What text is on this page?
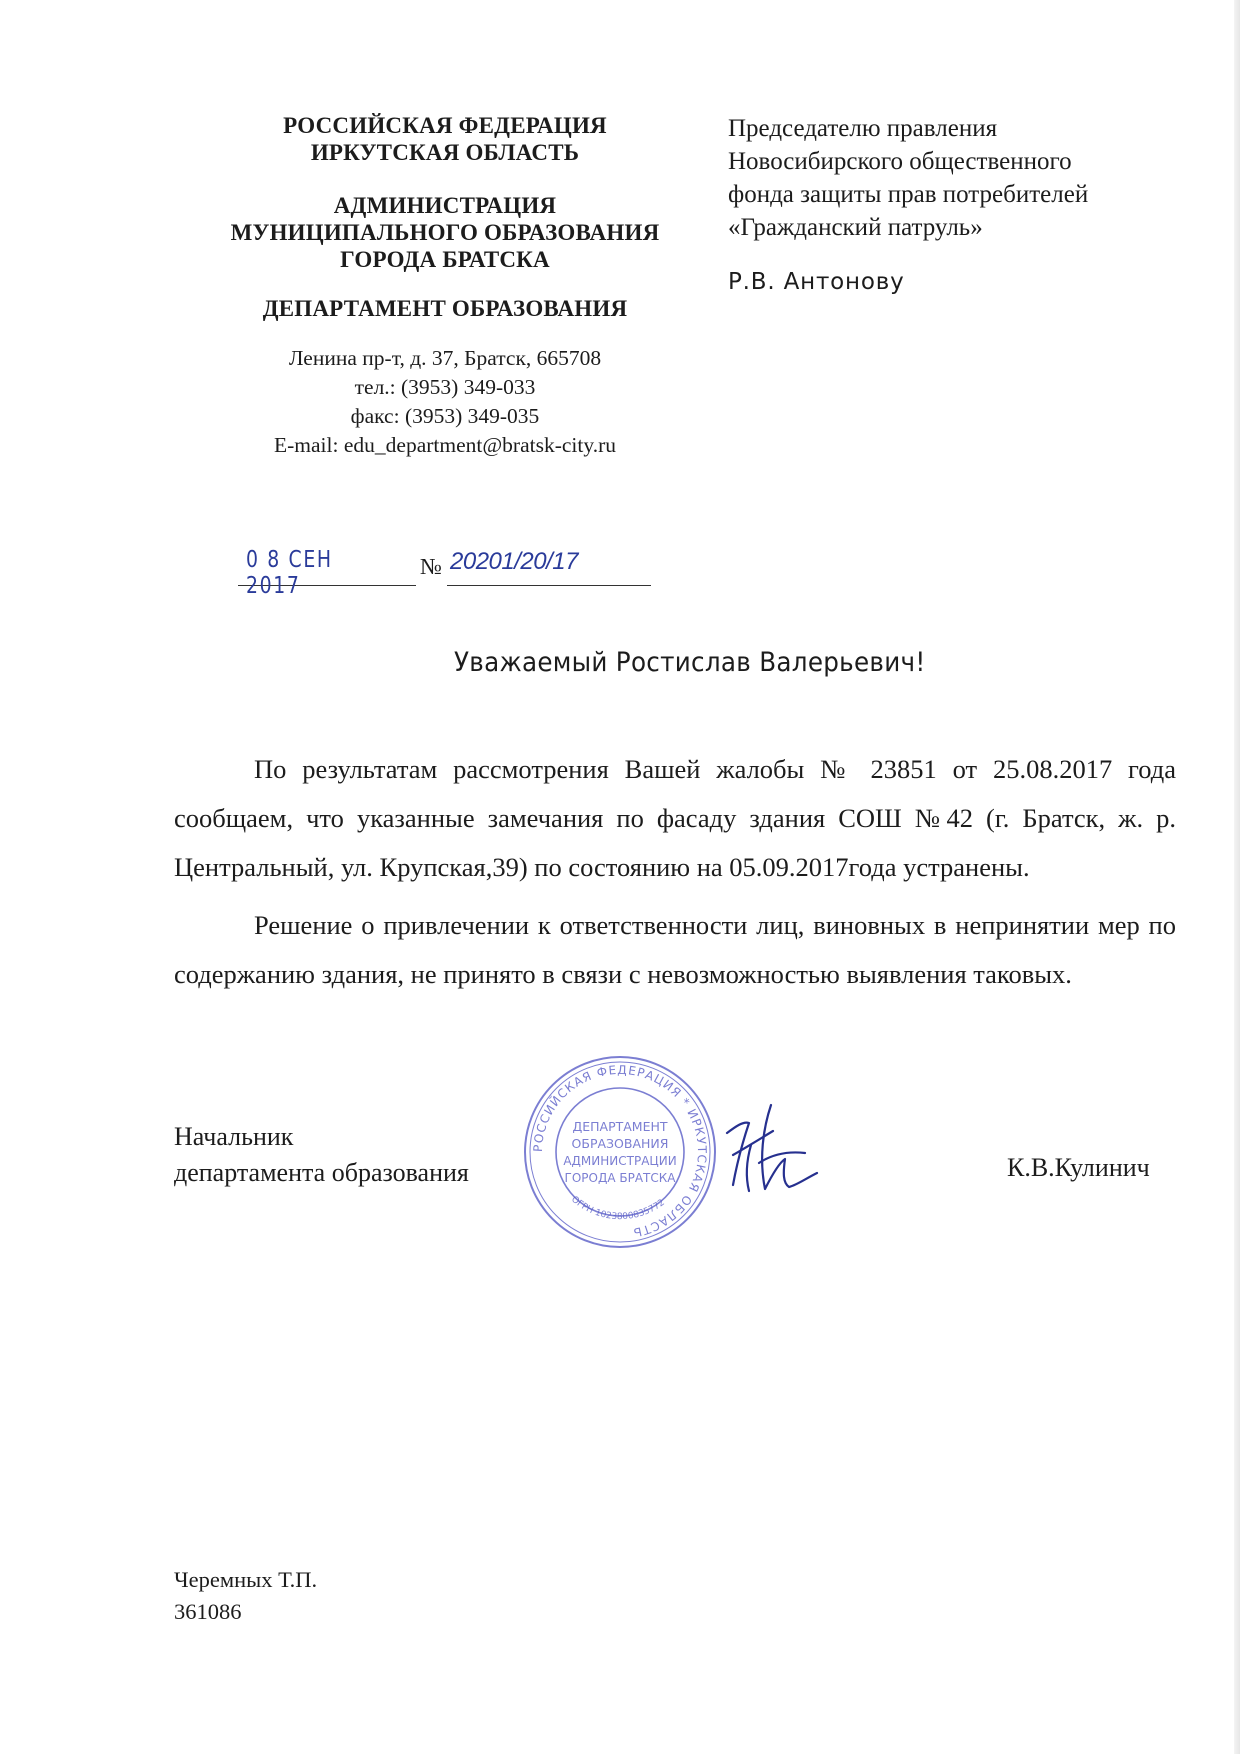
РОССИЙСКАЯ ФЕДЕРАЦИЯ
ИРКУТСКАЯ ОБЛАСТЬ
АДМИНИСТРАЦИЯ
МУНИЦИПАЛЬНОГО ОБРАЗОВАНИЯ
ГОРОДА БРАТСКА
ДЕПАРТАМЕНТ ОБРАЗОВАНИЯ
Ленина пр-т, д. 37, Братск, 665708
тел.: (3953) 349-033
факс: (3953) 349-035
E-mail: edu_department@bratsk-city.ru
Председателю правления
Новосибирского общественного
фонда защиты прав потребителей
«Гражданский патруль»
Р.В. Антонову
0 8 СЕН 2017
№ 20201/20/17
Уважаемый Ростислав Валерьевич!

По результатам рассмотрения Вашей жалобы № 23851 от 25.08.2017 года сообщаем, что указанные замечания по фасаду здания СОШ №42 (г. Братск, ж. р. Центральный, ул. Крупская,39) по состоянию на 05.09.2017года устранены.

Решение о привлечении к ответственности лиц, виновных в непринятии мер по содержанию здания, не принято в связи с невозможностью выявления таковых.

Начальник
департамента образования	К.В.Кулинич
РОССИЙСКАЯ ФЕДЕРАЦИЯ * ИРКУТСКАЯ ОБЛАСТЬ
ОГРН 1023800835772
ДЕПАРТАМЕНТ
ОБРАЗОВАНИЯ
АДМИНИСТРАЦИИ
ГОРОДА БРАТСКА
Черемных Т.П.
361086
